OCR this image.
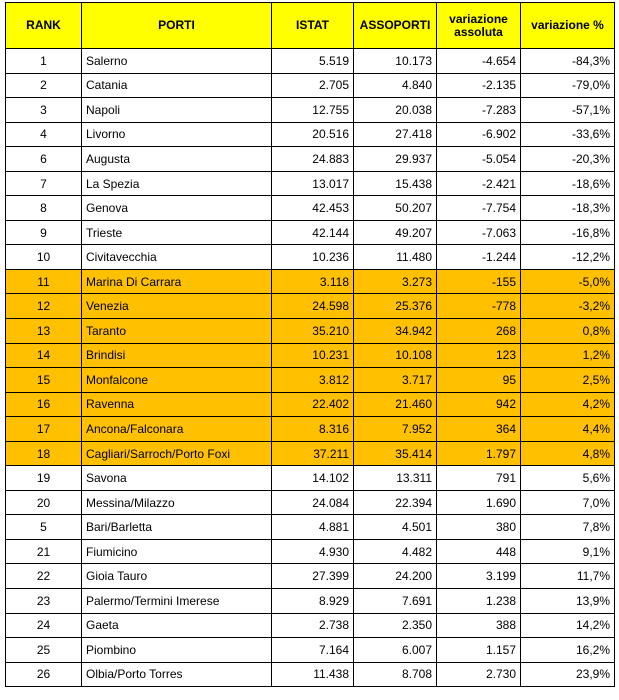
RANK	PORTI	ISTAT	ASSOPORTI	variazione assoluta	variazione %
1	Salerno	5.519	10.173	-4.654	-84,3%
2	Catania	2.705	4.840	-2.135	-79,0%
3	Napoli	12.755	20.038	-7.283	-57,1%
4	Livorno	20.516	27.418	-6.902	-33,6%
6	Augusta	24.883	29.937	-5.054	-20,3%
7	La Spezia	13.017	15.438	-2.421	-18,6%
8	Genova	42.453	50.207	-7.754	-18,3%
9	Trieste	42.144	49.207	-7.063	-16,8%
10	Civitavecchia	10.236	11.480	-1.244	-12,2%
11	Marina Di Carrara	3.118	3.273	-155	-5,0%
12	Venezia	24.598	25.376	-778	-3,2%
13	Taranto	35.210	34.942	268	0,8%
14	Brindisi	10.231	10.108	123	1,2%
15	Monfalcone	3.812	3.717	95	2,5%
16	Ravenna	22.402	21.460	942	4,2%
17	Ancona/Falconara	8.316	7.952	364	4,4%
18	Cagliari/Sarroch/Porto Foxi	37.211	35.414	1.797	4,8%
19	Savona	14.102	13.311	791	5,6%
20	Messina/Milazzo	24.084	22.394	1.690	7,0%
5	Bari/Barletta	4.881	4.501	380	7,8%
21	Fiumicino	4.930	4.482	448	9,1%
22	Gioia Tauro	27.399	24.200	3.199	11,7%
23	Palermo/Termini Imerese	8.929	7.691	1.238	13,9%
24	Gaeta	2.738	2.350	388	14,2%
25	Piombino	7.164	6.007	1.157	16,2%
26	Olbia/Porto Torres	11.438	8.708	2.730	23,9%
